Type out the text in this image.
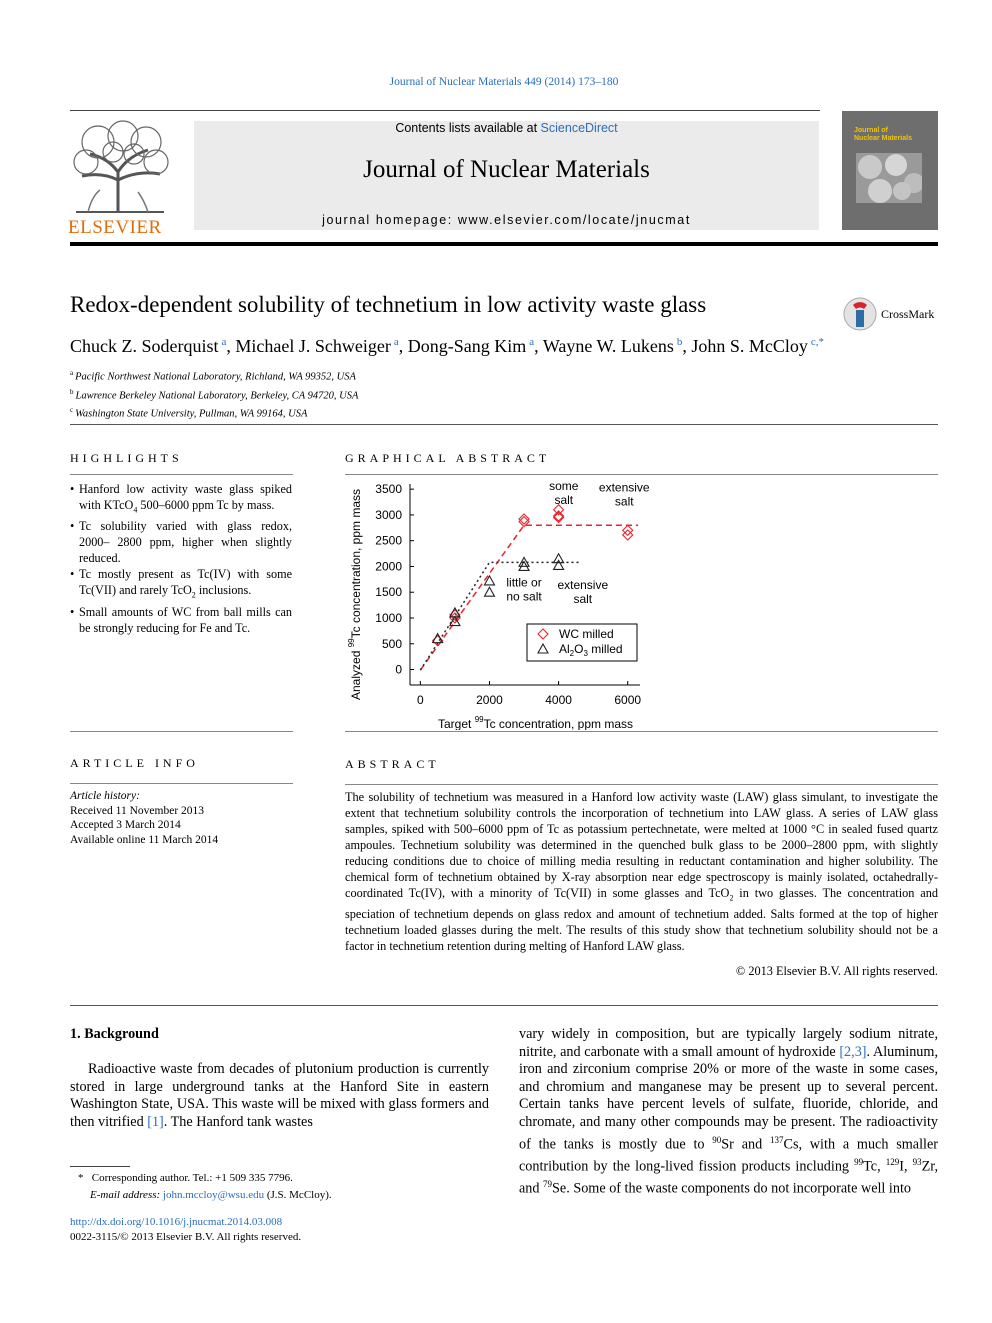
Journal of Nuclear Materials 449 (2014) 173–180
ELSEVIER
Contents lists available at ScienceDirect
Journal of Nuclear Materials
journal homepage: www.elsevier.com/locate/jnucmat
Journal of
Nuclear Materials
Redox-dependent solubility of technetium in low activity waste glass	CrossMark
Chuck Z. Soderquist $^a$, Michael J. Schweiger $^a$, Dong-Sang Kim $^a$, Wayne W. Lukens $^b$, John S. McCloy $^{c,*}$
$^a$ Pacific Northwest National Laboratory, Richland, WA 99352, USA
$^b$ Lawrence Berkeley National Laboratory, Berkeley, CA 94720, USA
$^c$ Washington State University, Pullman, WA 99164, USA
HIGHLIGHTS
• Hanford low activity waste glass spiked with KTcO$_4$ 500–6000 ppm Tc by mass.
• Tc solubility varied with glass redox, 2000– 2800 ppm, higher when slightly reduced.
• Tc mostly present as Tc(IV) with some Tc(VII) and rarely TcO$_2$ inclusions.
• Small amounts of WC from ball mills can be strongly reducing for Fe and Tc.
GRAPHICAL ABSTRACT
0
500
1000
1500
2000
2500
3000
3500
0	2000	4000	6000
Target $^{99}$Tc concentration, ppm mass
Analyzed $^{99}$Tc concentration, ppm mass
some salt
extensive salt
little or no salt
extensive salt
WC milled
$Al_2O_3$ milled
ARTICLE INFO
Article history:
Received 11 November 2013
Accepted 3 March 2014
Available online 11 March 2014
ABSTRACT
The solubility of technetium was measured in a Hanford low activity waste (LAW) glass simulant, to investigate the extent that technetium solubility controls the incorporation of technetium into LAW glass. A series of LAW glass samples, spiked with 500–6000 ppm of Tc as potassium pertechnetate, were melted at 1000 °C in sealed fused quartz ampoules. Technetium solubility was determined in the quenched bulk glass to be 2000–2800 ppm, with slightly reducing conditions due to choice of milling media resulting in reductant contamination and higher solubility. The chemical form of technetium obtained by X-ray absorption near edge spectroscopy is mainly isolated, octahedrally-coordinated Tc(IV), with a minority of Tc(VII) in some glasses and TcO$_2$ in two glasses. The concentration and speciation of technetium depends on glass redox and amount of technetium added. Salts formed at the top of higher technetium loaded glasses during the melt. The results of this study show that technetium solubility should not be a factor in technetium retention during melting of Hanford LAW glass.
© 2013 Elsevier B.V. All rights reserved.
1. Background
Radioactive waste from decades of plutonium production is currently stored in large underground tanks at the Hanford Site in eastern Washington State, USA. This waste will be mixed with glass formers and then vitrified [1]. The Hanford tank wastes
vary widely in composition, but are typically largely sodium nitrate, nitrite, and carbonate with a small amount of hydroxide [2,3]. Aluminum, iron and zirconium comprise 20% or more of the waste in some cases, and chromium and manganese may be present up to several percent. Certain tanks have percent levels of sulfate, fluoride, chloride, and chromate, and many other compounds may be present. The radioactivity of the tanks is mostly due to $^{90}$Sr and $^{137}$Cs, with a much smaller contribution by the long-lived fission products including $^{99}$Tc, $^{129}$I, $^{93}$Zr, and $^{79}$Se. Some of the waste components do not incorporate well into
* Corresponding author. Tel.: +1 509 335 7796.
E-mail address: john.mccloy@wsu.edu (J.S. McCloy).
http://dx.doi.org/10.1016/j.jnucmat.2014.03.008
0022-3115/© 2013 Elsevier B.V. All rights reserved.
